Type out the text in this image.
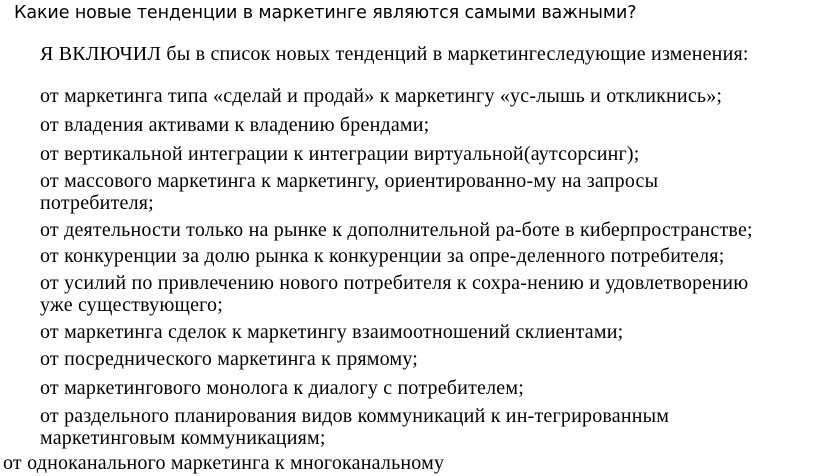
Какие новые тенденции в маркетинге являются самыми важными?
Я ВКЛЮЧИЛ бы в список новых тенденций в маркетингеследующие изменения:
от маркетинга типа «сделай и продай» к маркетингу «ус-лышь и откликнись»;
от владения активами к владению брендами;
от вертикальной интеграции к интеграции виртуальной(аутсорсинг);
от массового маркетинга к маркетингу, ориентированно-му на запросы
потребителя;
от деятельности только на рынке к дополнительной ра-боте в киберпространстве;
от конкуренции за долю рынка к конкуренции за опре-деленного потребителя;
от усилий по привлечению нового потребителя к сохра-нению и удовлетворению
уже существующего;
от маркетинга сделок к маркетингу взаимоотношений склиентами;
от посреднического маркетинга к прямому;
от маркетингового монолога к диалогу с потребителем;
от раздельного планирования видов коммуникаций к ин-тегрированным
маркетинговым коммуникациям;
от одноканального маркетинга к многоканальному
